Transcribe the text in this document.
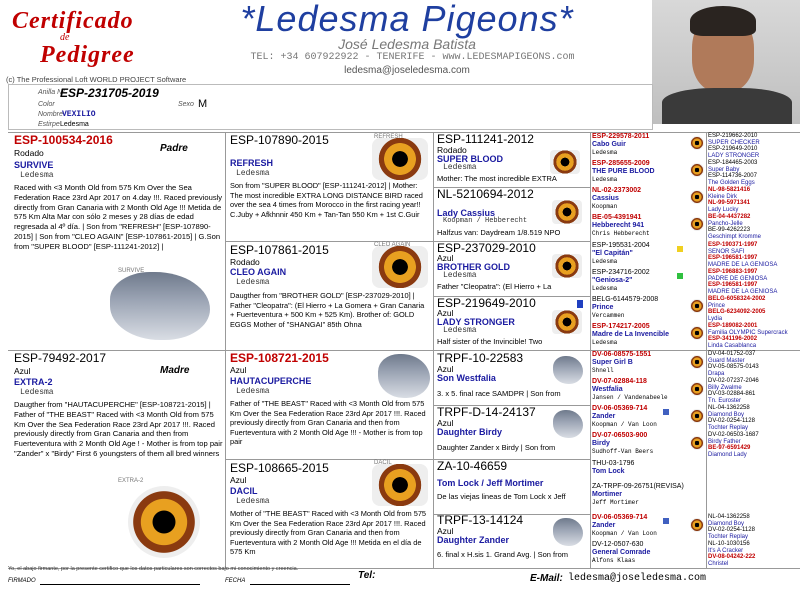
Certificado
de
Pedigree
(c) The Professional Loft WORLD PROJECT Software
*Ledesma Pigeons*
José Ledesma Batista
TEL: +34 607922922 - TENERIFE - www.LEDESMAPIGEONS.com
ledesma@joseledesma.com
Anilla Nº
ESP-231705-2019
Color
Nombre VEXILIO
Estirpe Ledesma
Sexo M
ESP-100534-2016
Padre
Rodado
SURVIVE
Ledesma
Raced with <3 Month Old from 575 Km Over the Sea Federation Race 23rd Apr 2017 on 4.day !!!. Raced previously directly from Gran Canaria with 2 Month Old Age !!! Metida de 575 Km Alta Mar con sólo 2 meses y 28 días de edad regresada al 4º día. | Son from "REFRESH" [ESP-107890-2015] | Son from "CLEO AGAIN" [ESP-107861-2015] | G.Son from "SUPER BLOOD" [ESP-111241-2012] |
SURVIVE
ESP-79492-2017
Madre
Azul
EXTRA-2
Ledesma
Daugther from "HAUTACUPERCHE" [ESP-108721-2015] | Father of "THE BEAST" Raced with <3 Month Old from 575 Km Over the Sea Federation Race 23rd Apr 2017 !!!. Raced previously directly from Gran Canaria and then from Fuerteventura with 2 Month Old Age ! - Mother is from top pair "Zander" x "Birdy" First 6 youngsters of them all bred winners
EXTRA-2
ESP-107890-2015
REFRESH
Ledesma
Son from "SUPER BLOOD" [ESP-111241-2012] | Mother: The most incredible EXTRA LONG DISTANCE BIRD raced over the sea 4 times from Morocco in the first racing year!! C.Juby + Afkhnnir 450 Km + Tan-Tan 550 Km + 1st C.Guir
REFRESH
ESP-107861-2015
Rodado
CLEO AGAIN
Ledesma
Daugther from "BROTHER GOLD" [ESP-237029-2010] | Father "Cleopatra": (El Hierro + La Gomera + Gran Canaria + Fuerteventura + 500 Km + 525 Km). Brother of: GOLD EGGS Mother of "SHANGAI" 85th Ohna
CLEO AGAIN
ESP-108721-2015
Azul
HAUTACUPERCHE
Ledesma
Father of "THE BEAST" Raced with <3 Month Old from 575 Km Over the Sea Federation Race 23rd Apr 2017 !!!. Raced previously directly from Gran Canaria and then from Fuerteventura with 2 Month Old Age !!! - Mother is from top pair
ESP-108665-2015
Azul
DACIL
Ledesma
Mother of "THE BEAST" Raced with <3 Month Old from 575 Km Over the Sea Federation Race 23rd Apr 2017 !!!. Raced previously directly from Gran Canaria and then from Fuerteventura with 2 Month Old Age !!! Metida en el día de 575 Km
DACIL
ESP-111241-2012
Rodado
SUPER BLOOD
Ledesma
Mother: The most incredible EXTRA
NL-5210694-2012
Lady Cassius
Koopman / Hebberecht
Halfzus van: Daydream 1/8.519 NPO
ESP-237029-2010
Azul
BROTHER GOLD
Ledesma
Father "Cleopatra": (El Hierro + La
ESP-219649-2010
Azul
LADY STRONGER
Ledesma
Half sister of the Invincible! Two
TRPF-10-22583
Azul
Son Westfalia
3. x 5. final race SAMDPR | Son from
TRPF-D-14-24137
Azul
Daughter Birdy
Daughter Zander x Birdy | Son from
ZA-10-46659
Tom Lock / Jeff Mortimer
De las viejas lineas de Tom Lock x Jeff
TRPF-13-14124
Azul
Daughter Zander
6. final x H.sis 1. Grand Avg. | Son from
ESP-229578-2011
Cabo Guir
Ledesma
ESP-285655-2009
THE PURE BLOOD
Ledesma
NL-02-2373002
Cassius
Koopman
BE-05-4391941
Hebberecht 941
Chris Hebberecht
ESP-195531-2004
"El Capitán"
Ledesma
ESP-234716-2002
"Geniosa-2"
Ledesma
BELG-6144579-2008
Prince
Vercammen
ESP-174217-2005
Madre de La Invencible
Ledesma
DV-06-08575-1551
Super Girl B
Shnell
DV-07-02884-118
Westfalia
Jansen / Vandenabeele
DV-06-05369-714
Zander
Koopman / Van Loon
DV-07-06503-900
Birdy
Sudhoff-Van Beers
THU-03-1796
Tom Lock
ZA-TRPF-09-26751(REVISA)
Mortimer
Jeff Mortimer
DV-06-05369-714
Zander
Koopman / Van Loon
DV-12-0507-630
General Comrade
Alfons Klaas
ESP-219662-2010
SUPER CHECKER
ESP-219649-2010
LADY STRONGER
ESP-184465-2003
Super Baby
ESP-114736-2007
The Golden Eggs
NL-98-5821416
Kleine Dirk
NL-99-5971341
Lady Lucky
BE-04-4437282
Pancho-Jelle
BE-99-4262223
Geschimpt Kromme
ESP-190371-1997
SENOR SAFI
ESP-196581-1997
MADRE DE LA GENIOSA
ESP-196883-1997
PADRE DE GENIOSA
ESP-196581-1997
MADRE DE LA GENIOSA
BELG-6058324-2002
Prince
BELG-6234092-2005
Lydia
ESP-189082-2001
Familia OLYMPIC Supercrack
ESP-341196-2002
Linda Casablanca
DV-04-01752-037
Guard Master
DV-05-08575-0143
Drapa
DV-02-07237-2046
Billy Zwalme
DV-03-02884-861
Tn. Euroster
NL-04-1362258
Diamond Boy
DV-02-0254-1128
Tochter Replay
DV-02-06503-1687
Birdy Father
BE-97-6591429
Diamond Lady
NL-04-1362258
Diamond Boy
DV-02-0254-1128
Tochter Replay
NL-10-1030156
It's A Cracker
DV-08-04242-222
Christel
Yo, el abajo firmante, por la presente certifico que los datos particulares son correctos bajo mi conocimiento y creencia.
FIRMADO	FECHA	Tel:	E-Mail: ledesma@joseledesma.com
